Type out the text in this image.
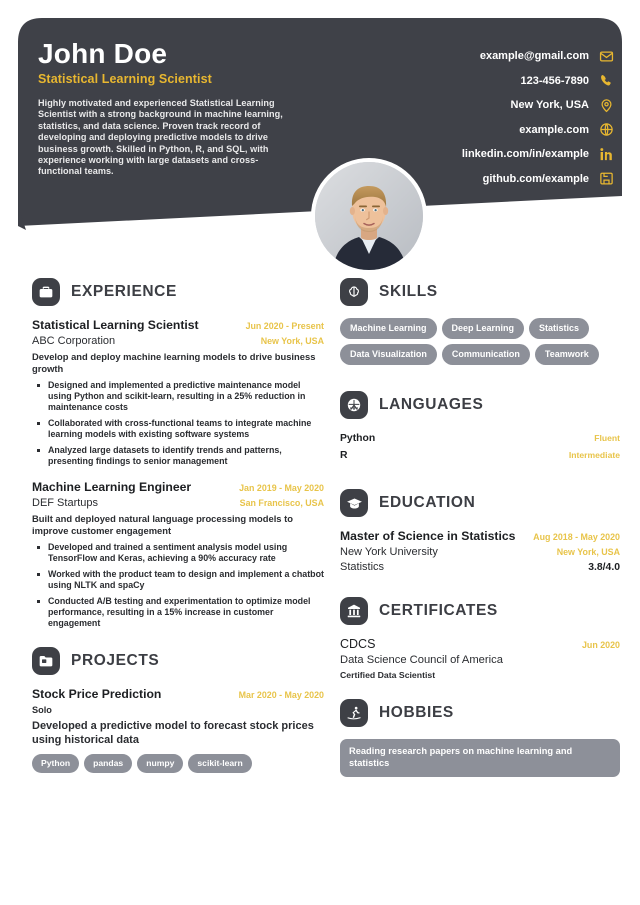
John Doe
Statistical Learning Scientist
Highly motivated and experienced Statistical Learning Scientist with a strong background in machine learning, statistics, and data science. Proven track record of developing and deploying predictive models to drive business growth. Skilled in Python, R, and SQL, with experience working with large datasets and cross-functional teams.
example@gmail.com
123-456-7890
New York, USA
example.com
linkedin.com/in/example
github.com/example
EXPERIENCE
Statistical Learning Scientist	Jun 2020 - Present
ABC Corporation	New York, USA
Develop and deploy machine learning models to drive business growth
Designed and implemented a predictive maintenance model using Python and scikit-learn, resulting in a 25% reduction in maintenance costs
Collaborated with cross-functional teams to integrate machine learning models with existing software systems
Analyzed large datasets to identify trends and patterns, presenting findings to senior management
Machine Learning Engineer	Jan 2019 - May 2020
DEF Startups	San Francisco, USA
Built and deployed natural language processing models to improve customer engagement
Developed and trained a sentiment analysis model using TensorFlow and Keras, achieving a 90% accuracy rate
Worked with the product team to design and implement a chatbot using NLTK and spaCy
Conducted A/B testing and experimentation to optimize model performance, resulting in a 15% increase in customer engagement
PROJECTS
Stock Price Prediction	Mar 2020 - May 2020
Solo
Developed a predictive model to forecast stock prices using historical data
Python	pandas	numpy	scikit-learn
SKILLS
Machine Learning	Deep Learning	Statistics
Data Visualization	Communication	Teamwork
LANGUAGES
Python	Fluent
R	Intermediate
EDUCATION
Master of Science in Statistics Aug 2018 - May 2020
New York University	New York, USA
Statistics	3.8/4.0
CERTIFICATES
CDCS	Jun 2020
Data Science Council of America
Certified Data Scientist
HOBBIES
Reading research papers on machine learning and statistics
